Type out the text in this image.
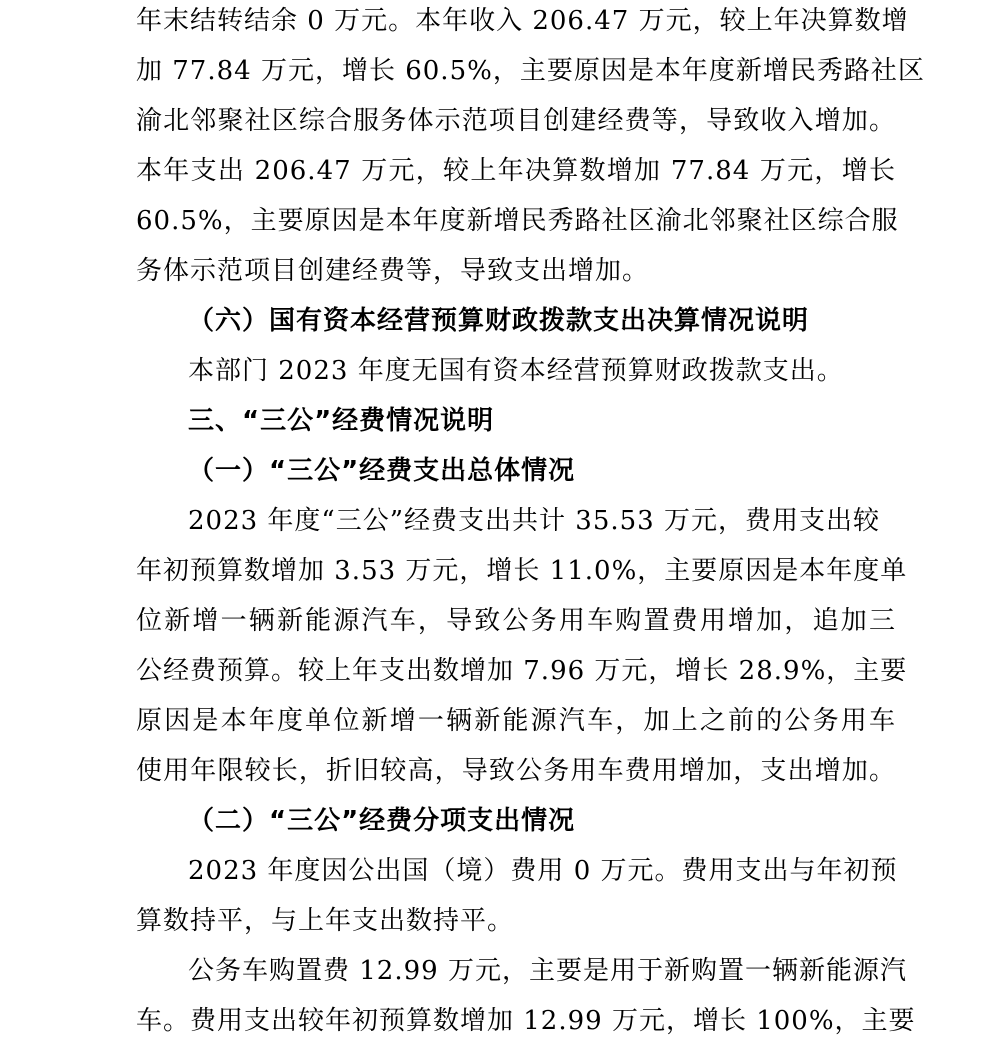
年末结转结余 0 万元。本年收入 206.47 万元，较上年决算数增
加 77.84 万元，增长 60.5%，主要原因是本年度新增民秀路社区
渝北邻聚社区综合服务体示范项目创建经费等，导致收入增加。
本年支出 206.47 万元，较上年决算数增加 77.84 万元，增长
60.5%，主要原因是本年度新增民秀路社区渝北邻聚社区综合服
务体示范项目创建经费等，导致支出增加。
（六）国有资本经营预算财政拨款支出决算情况说明
本部门 2023 年度无国有资本经营预算财政拨款支出。
三、“三公”经费情况说明
（一）“三公”经费支出总体情况
2023 年度“三公”经费支出共计 35.53 万元，费用支出较
年初预算数增加 3.53 万元，增长 11.0%，主要原因是本年度单
位新增一辆新能源汽车，导致公务用车购置费用增加，追加三
公经费预算。较上年支出数增加 7.96 万元，增长 28.9%，主要
原因是本年度单位新增一辆新能源汽车，加上之前的公务用车
使用年限较长，折旧较高，导致公务用车费用增加，支出增加。
（二）“三公”经费分项支出情况
2023 年度因公出国（境）费用 0 万元。费用支出与年初预
算数持平，与上年支出数持平。
公务车购置费 12.99 万元，主要是用于新购置一辆新能源汽
车。费用支出较年初预算数增加 12.99 万元，增长 100%，主要
